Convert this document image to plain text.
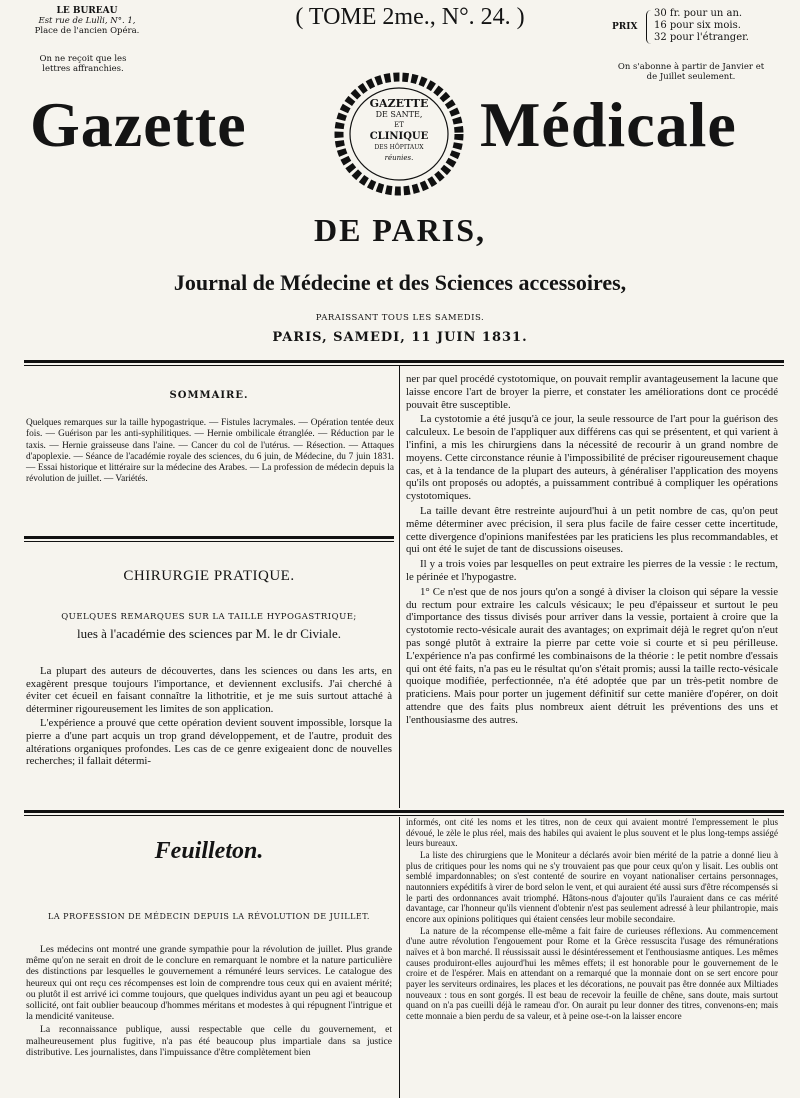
LE BUREAU
Est rue de Lulli, N°. 1,
Place de l'ancien Opéra.
On ne reçoit que les lettres affranchies.
( TOME 2me., N°. 24. )	PRIX
30 fr. pour un an.
16 pour six mois.
32 pour l'étranger.
On s'abonne à partir de Janvier et de Juillet seulement.
Gazette	Médicale
GAZETTE
DE SANTE,
ET
CLINIQUE
DES HÔPITAUX
réunies.
DE PARIS,
Journal de Médecine et des Sciences accessoires,
PARAISSANT TOUS LES SAMEDIS.
PARIS, SAMEDI, 11 JUIN 1831.
SOMMAIRE.
Quelques remarques sur la taille hypogastrique. — Fistules lacrymales. — Opération tentée deux fois. — Guérison par les anti-syphilitiques. — Hernie ombilicale étranglée. — Réduction par le taxis. — Hernie graisseuse dans l'aine. — Cancer du col de l'utérus. — Résection. — Attaques d'apoplexie. — Séance de l'académie royale des sciences, du 6 juin, de Médecine, du 7 juin 1831. — Essai historique et littéraire sur la médecine des Arabes. — La profession de médecin depuis la révolution de juillet. — Variétés.
CHIRURGIE PRATIQUE.
QUELQUES REMARQUES SUR LA TAILLE HYPOGASTRIQUE;
lues à l'académie des sciences par M. le dr Civiale.

La plupart des auteurs de découvertes, dans les sciences ou dans les arts, en exagèrent presque toujours l'importance, et deviennent exclusifs. J'ai cherché à éviter cet écueil en faisant connaître la lithotritie, et je me suis surtout attaché à déterminer rigoureusement les limites de son application.

L'expérience a prouvé que cette opération devient souvent impossible, lorsque la pierre a d'une part acquis un trop grand développement, et de l'autre, produit des altérations organiques profondes. Les cas de ce genre exigeaient donc de nouvelles recherches; il fallait détermi-

ner par quel procédé cystotomique, on pouvait remplir avantageusement la lacune que laisse encore l'art de broyer la pierre, et constater les améliorations dont ce procédé pouvait être susceptible.

La cystotomie a été jusqu'à ce jour, la seule ressource de l'art pour la guérison des calculeux. Le besoin de l'appliquer aux différens cas qui se présentent, et qui varient à l'infini, a mis les chirurgiens dans la nécessité de recourir à un grand nombre de moyens. Cette circonstance réunie à l'impossibilité de préciser rigoureusement chaque cas, et à la tendance de la plupart des auteurs, à généraliser l'application des moyens qu'ils ont proposés ou adoptés, a puissamment contribué à compliquer les opérations cystotomiques.

La taille devant être restreinte aujourd'hui à un petit nombre de cas, qu'on peut même déterminer avec précision, il sera plus facile de faire cesser cette incertitude, cette divergence d'opinions manifestées par les praticiens les plus recommandables, et qui ont été le sujet de tant de discussions oiseuses.

Il y a trois voies par lesquelles on peut extraire les pierres de la vessie : le rectum, le périnée et l'hypogastre.

1° Ce n'est que de nos jours qu'on a songé à diviser la cloison qui sépare la vessie du rectum pour extraire les calculs vésicaux; le peu d'épaisseur et surtout le peu d'importance des tissus divisés pour arriver dans la vessie, portaient à croire que la cystotomie recto-vésicale aurait des avantages; on exprimait déjà le regret qu'on n'eut pas songé plutôt à extraire la pierre par cette voie si courte et si peu périlleuse. L'expérience n'a pas confirmé les combinaisons de la théorie : le petit nombre d'essais qui ont été faits, n'a pas eu le résultat qu'on s'était promis; aussi la taille recto-vésicale quoique modifiée, perfectionnée, n'a été adoptée que par un très-petit nombre de praticiens. Mais pour porter un jugement définitif sur cette manière d'opérer, on doit attendre que des faits plus nombreux aient détruit les préventions des uns et l'enthousiasme des autres.

Feuilleton.
LA PROFESSION DE MÉDECIN DEPUIS LA RÉVOLUTION DE JUILLET.

Les médecins ont montré une grande sympathie pour la révolution de juillet. Plus grande même qu'on ne serait en droit de le conclure en remarquant le nombre et la nature particulière des distinctions par lesquelles le gouvernement a rémunéré leurs services. Le catalogue des heureux qui ont reçu ces récompenses est loin de comprendre tous ceux qui en avaient mérité; ou plutôt il est arrivé ici comme toujours, que quelques individus ayant un peu agi et beaucoup sollicité, ont fait oublier beaucoup d'hommes méritans et modestes à qui répugnent l'intrigue et la mendicité vaniteuse.

La reconnaissance publique, aussi respectable que celle du gouvernement, et malheureusement plus fugitive, n'a pas été beaucoup plus impartiale dans sa justice distributive. Les journalistes, dans l'impuissance d'être complètement bien

informés, ont cité les noms et les titres, non de ceux qui avaient montré l'empressement le plus dévoué, le zèle le plus réel, mais des habiles qui avaient le plus souvent et le plus long-temps assiégé leurs bureaux.

La liste des chirurgiens que le Moniteur a déclarés avoir bien mérité de la patrie a donné lieu à plus de critiques pour les noms qui ne s'y trouvaient pas que pour ceux qu'on y lisait. Les oublis ont semblé impardonnables; on s'est contenté de sourire en voyant nationaliser certains personnages, nautonniers expéditifs à virer de bord selon le vent, et qui auraient été aussi surs d'être récompensés si le parti des ordonnances avait triomphé. Hâtons-nous d'ajouter qu'ils l'auraient dans ce cas mérité davantage, car l'honneur qu'ils viennent d'obtenir n'est pas seulement adressé à leur philantropie, mais encore aux opinions politiques qui étaient censées leur mobile secondaire.

La nature de la récompense elle-même a fait faire de curieuses réflexions. Au commencement d'une autre révolution l'engouement pour Rome et la Grèce ressuscita l'usage des rémunérations naïves et à bon marché. Il réussissait aussi le désintéressement et l'enthousiasme antiques. Les mêmes causes produiront-elles aujourd'hui les mêmes effets; il est honorable pour le gouvernement de le croire et de l'espérer. Mais en attendant on a remarqué que la monnaie dont on se sert encore pour payer les serviteurs ordinaires, les places et les décorations, ne pouvait pas être donnée aux Miltiades nouveaux : tous en sont gorgés. Il est beau de recevoir la feuille de chêne, sans doute, mais surtout quand on n'a pas cueilli déjà le rameau d'or. On aurait pu leur donner des titres, convenons-en; mais cette monnaie a bien perdu de sa valeur, et à peine ose-t-on la laisser encore
